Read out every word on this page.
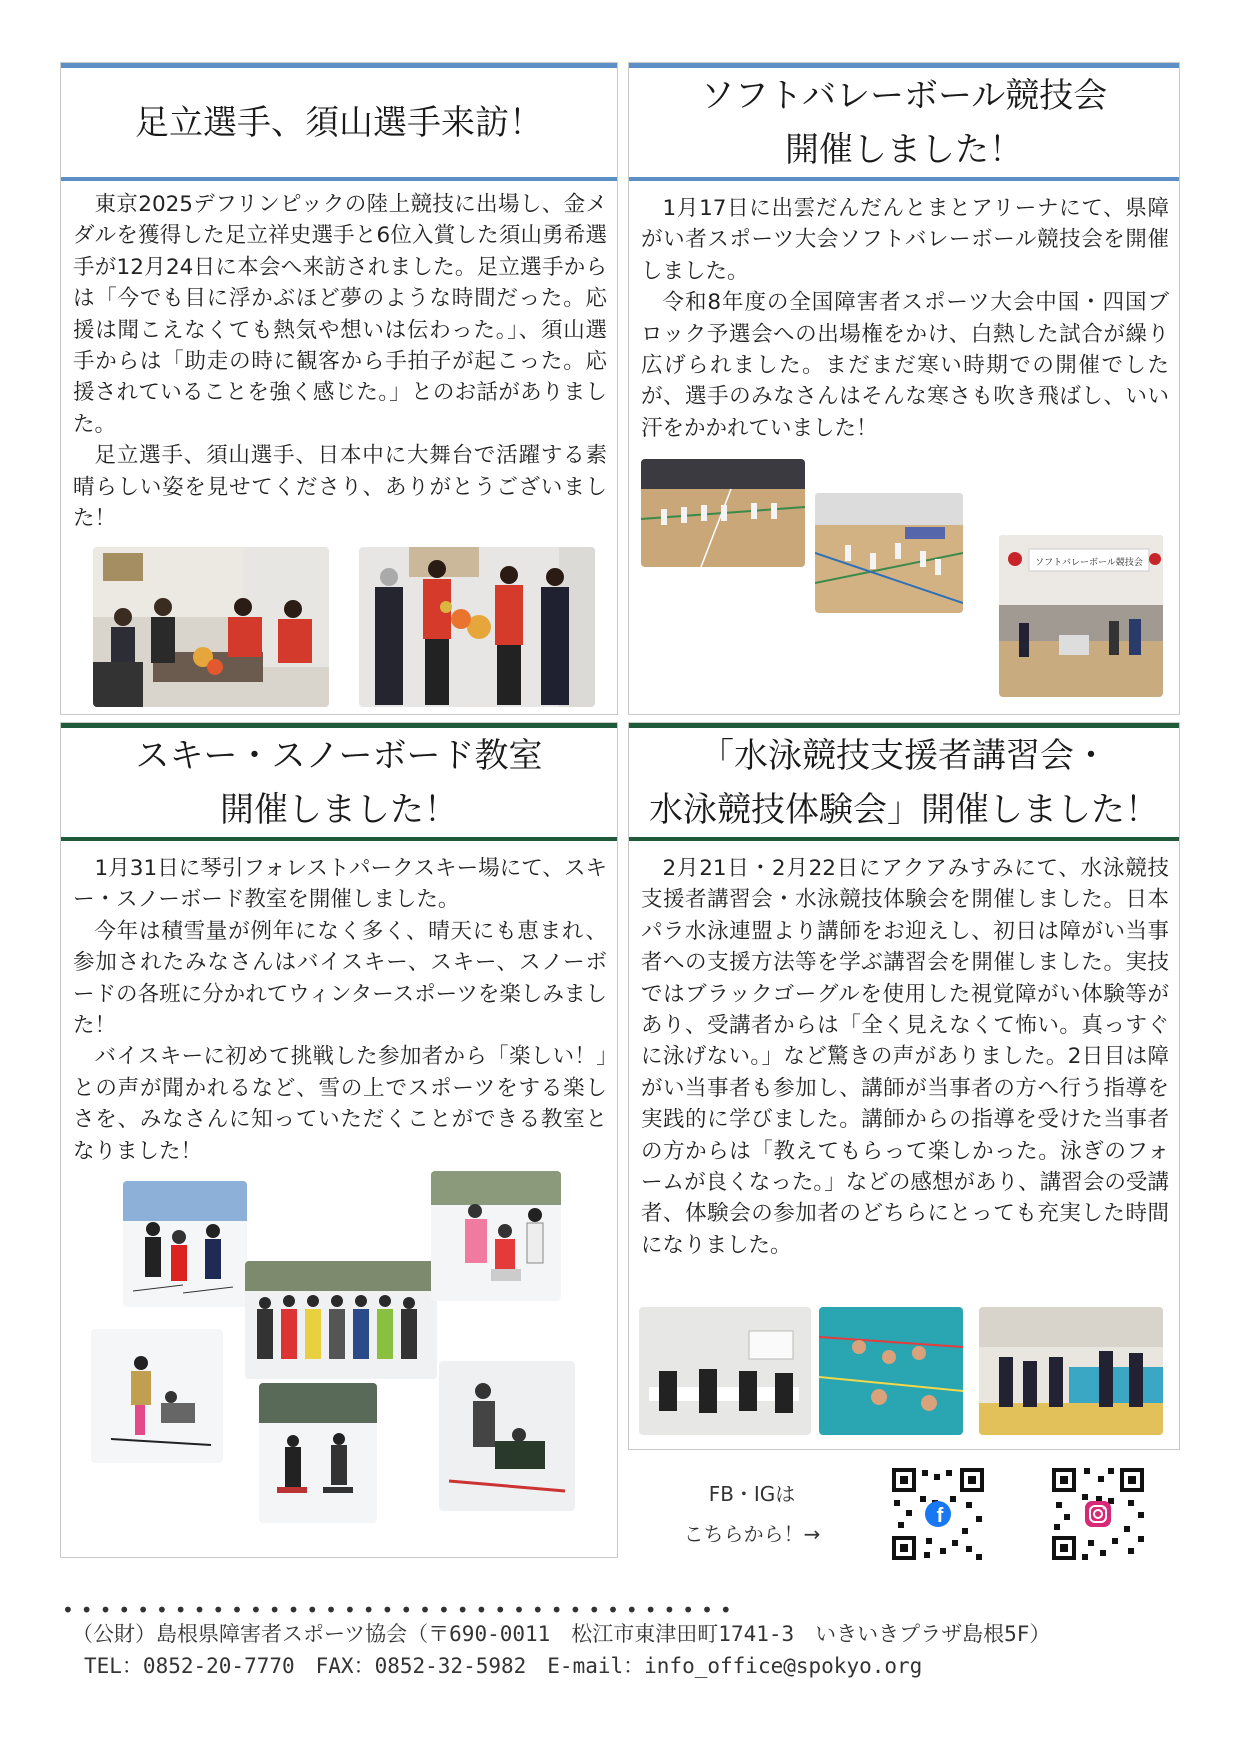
足立選手、須山選手来訪！

東京2025デフリンピックの陸上競技に出場し、金メダルを獲得した足立祥史選手と6位入賞した須山勇希選手が12月24日に本会へ来訪されました。足立選手からは「今でも目に浮かぶほど夢のような時間だった。応援は聞こえなくても熱気や想いは伝わった。」、須山選手からは「助走の時に観客から手拍子が起こった。応援されていることを強く感じた。」とのお話がありました。

足立選手、須山選手、日本中に大舞台で活躍する素晴らしい姿を見せてくださり、ありがとうございました！

ソフトバレーボール競技会
開催しました！

1月17日に出雲だんだんとまとアリーナにて、県障がい者スポーツ大会ソフトバレーボール競技会を開催しました。

令和8年度の全国障害者スポーツ大会中国・四国ブロック予選会への出場権をかけ、白熱した試合が繰り広げられました。まだまだ寒い時期での開催でしたが、選手のみなさんはそんな寒さも吹き飛ばし、いい汗をかかれていました！

ソフトバレーボール競技会
スキー・スノーボード教室
開催しました！

1月31日に琴引フォレストパークスキー場にて、スキー・スノーボード教室を開催しました。

今年は積雪量が例年になく多く、晴天にも恵まれ、参加されたみなさんはバイスキー、スキー、スノーボードの各班に分かれてウィンタースポーツを楽しみました！

バイスキーに初めて挑戦した参加者から「楽しい！」との声が聞かれるなど、雪の上でスポーツをする楽しさを、みなさんに知っていただくことができる教室となりました！

「水泳競技支援者講習会・
水泳競技体験会」開催しました！

2月21日・2月22日にアクアみすみにて、水泳競技支援者講習会・水泳競技体験会を開催しました。日本パラ水泳連盟より講師をお迎えし、初日は障がい当事者への支援方法等を学ぶ講習会を開催しました。実技ではブラックゴーグルを使用した視覚障がい体験等があり、受講者からは「全く見えなくて怖い。真っすぐに泳げない。」など驚きの声がありました。2日目は障がい当事者も参加し、講師が当事者の方へ行う指導を実践的に学びました。講師からの指導を受けた当事者の方からは「教えてもらって楽しかった。泳ぎのフォームが良くなった。」などの感想があり、講習会の受講者、体験会の参加者のどちらにとっても充実した時間になりました。

FB・IGは
こちらから！→
f
••••••••••••••••••••••••••••••••••••
（公財）島根県障害者スポーツ協会（〒690-0011　松江市東津田町1741-3　いきいきプラザ島根5F）
TEL：0852-20-7770　FAX：0852-32-5982　E-mail：info_office@spokyo.org
